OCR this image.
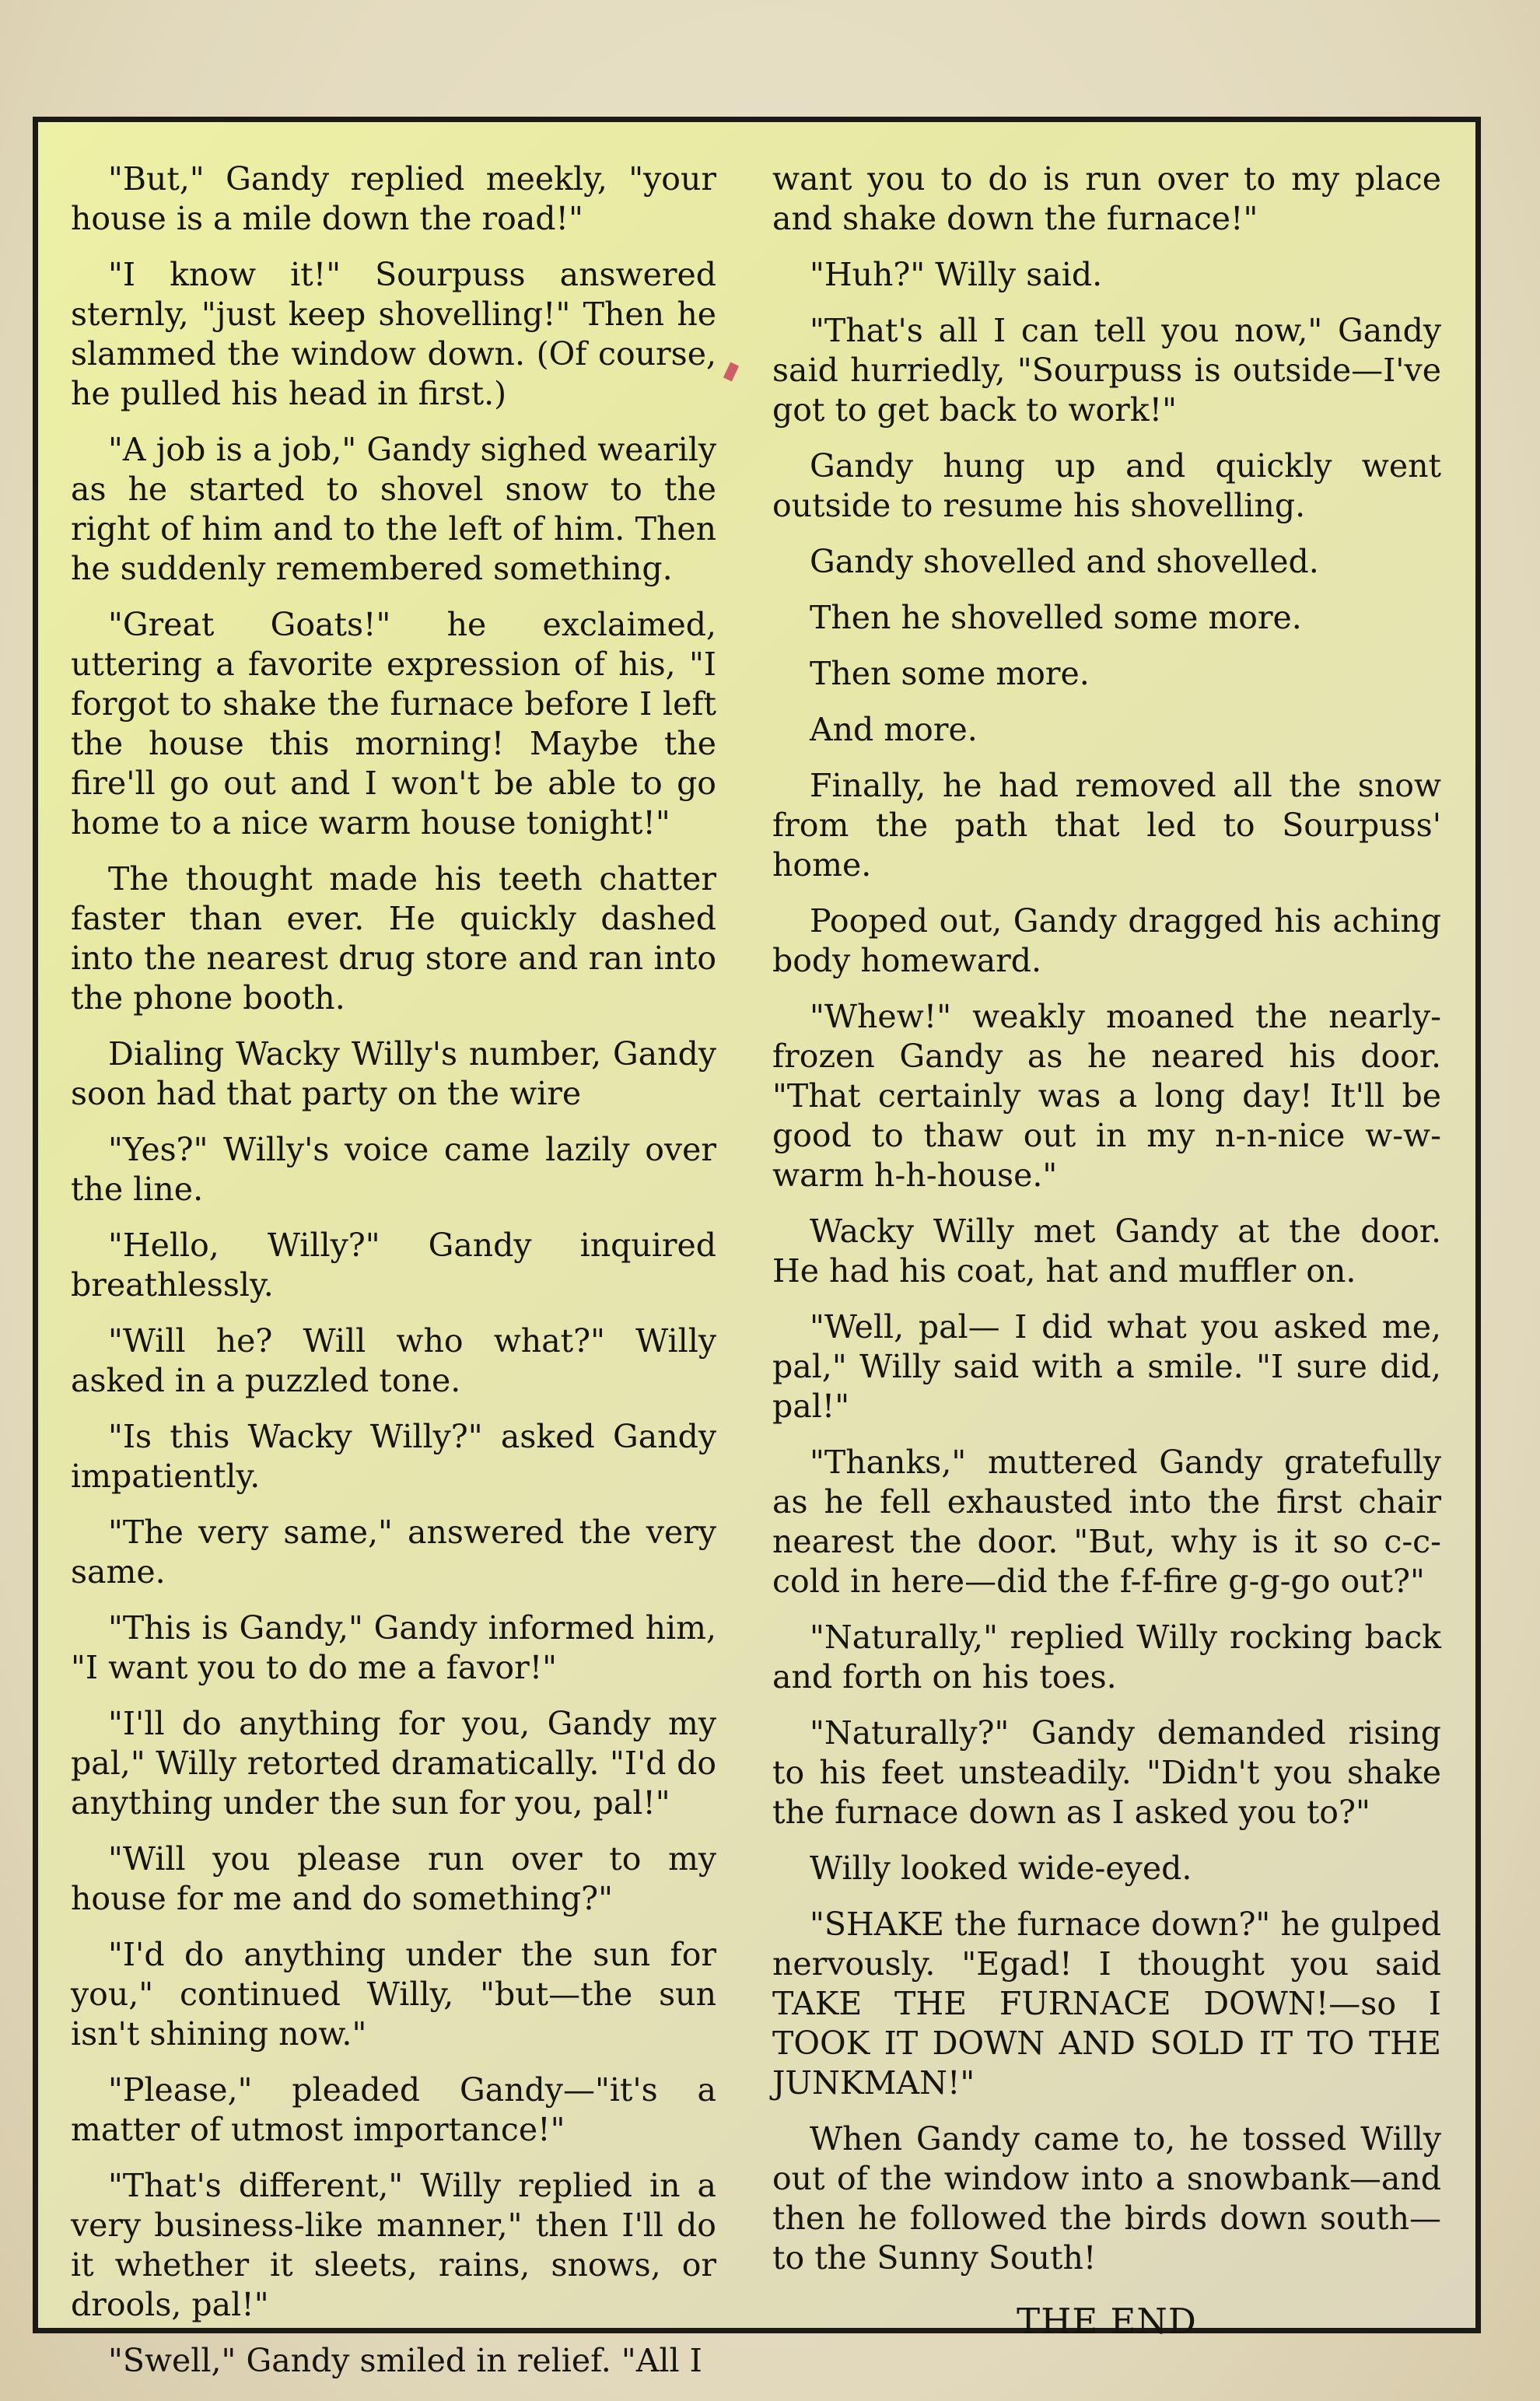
"But," Gandy replied meekly, "your house is a mile down the road!"

"I know it!" Sourpuss answered sternly, "just keep shovelling!" Then he slammed the window down. (Of course, he pulled his head in first.)

"A job is a job," Gandy sighed wearily as he started to shovel snow to the right of him and to the left of him. Then he suddenly remembered something.

"Great Goats!" he exclaimed, uttering a favorite expression of his, "I forgot to shake the furnace before I left the house this morning! Maybe the fire'll go out and I won't be able to go home to a nice warm house tonight!"

The thought made his teeth chatter faster than ever. He quickly dashed into the nearest drug store and ran into the phone booth.

Dialing Wacky Willy's number, Gandy soon had that party on the wire

"Yes?" Willy's voice came lazily over the line.

"Hello, Willy?" Gandy inquired breathlessly.

"Will he? Will who what?" Willy asked in a puzzled tone.

"Is this Wacky Willy?" asked Gandy impatiently.

"The very same," answered the very same.

"This is Gandy," Gandy informed him, "I want you to do me a favor!"

"I'll do anything for you, Gandy my pal," Willy retorted dramatically. "I'd do anything under the sun for you, pal!"

"Will you please run over to my house for me and do something?"

"I'd do anything under the sun for you," continued Willy, "but—the sun isn't shining now."

"Please," pleaded Gandy—"it's a matter of utmost importance!"

"That's different," Willy replied in a very business-like manner," then I'll do it whether it sleets, rains, snows, or drools, pal!"

"Swell," Gandy smiled in relief. "All I

want you to do is run over to my place and shake down the furnace!"

"Huh?" Willy said.

"That's all I can tell you now," Gandy said hurriedly, "Sourpuss is outside—I've got to get back to work!"

Gandy hung up and quickly went outside to resume his shovelling.

Gandy shovelled and shovelled.

Then he shovelled some more.

Then some more.

And more.

Finally, he had removed all the snow from the path that led to Sourpuss' home.

Pooped out, Gandy dragged his aching body homeward.

"Whew!" weakly moaned the nearly-frozen Gandy as he neared his door. "That certainly was a long day! It'll be good to thaw out in my n-n-nice w-w-warm h-h-house."

Wacky Willy met Gandy at the door. He had his coat, hat and muffler on.

"Well, pal— I did what you asked me, pal," Willy said with a smile. "I sure did, pal!"

"Thanks," muttered Gandy gratefully as he fell exhausted into the first chair nearest the door. "But, why is it so c-c-cold in here—did the f-f-fire g-g-go out?"

"Naturally," replied Willy rocking back and forth on his toes.

"Naturally?" Gandy demanded rising to his feet unsteadily. "Didn't you shake the furnace down as I asked you to?"

Willy looked wide-eyed.

"SHAKE the furnace down?" he gulped nervously. "Egad! I thought you said TAKE THE FURNACE DOWN!—so I TOOK IT DOWN AND SOLD IT TO THE JUNKMAN!"

When Gandy came to, he tossed Willy out of the window into a snowbank—and then he followed the birds down south—to the Sunny South!

THE END
